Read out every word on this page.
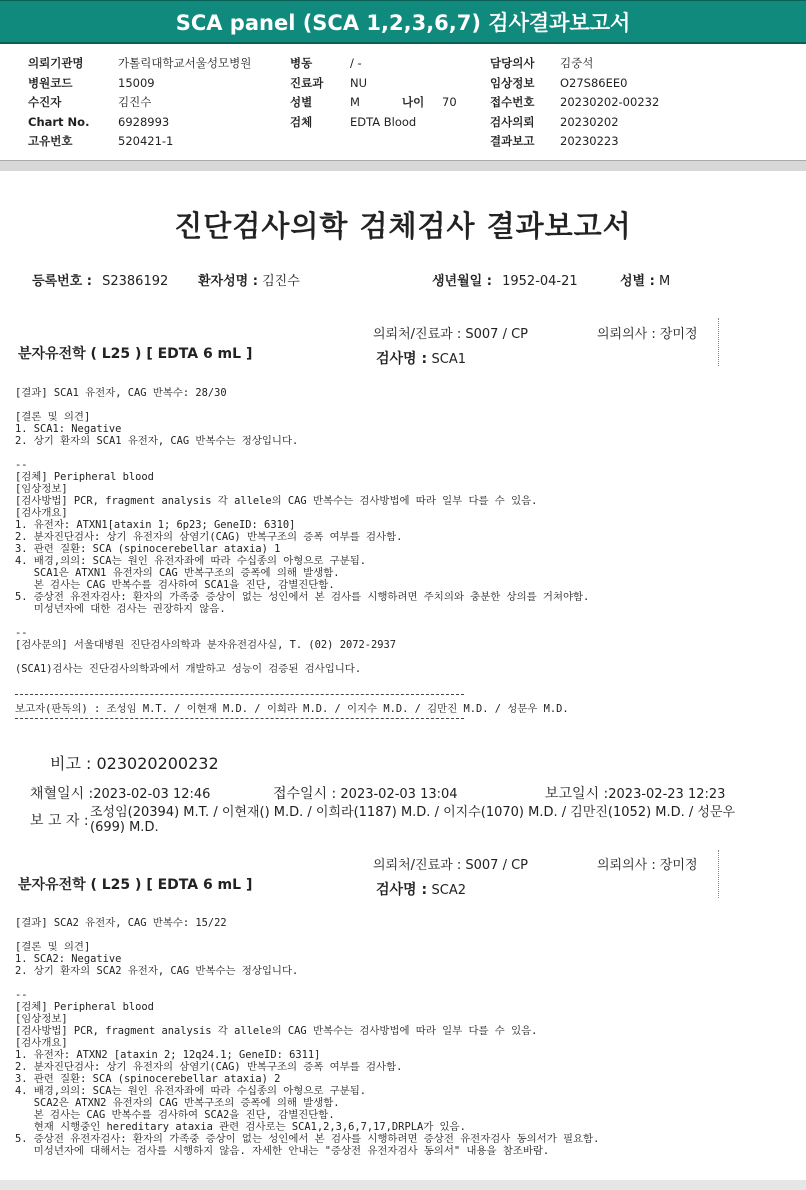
SCA panel (SCA 1,2,3,6,7) 검사결과보고서
의뢰기관명	가톨릭대학교서울성모병원
병원코드	15009
수진자	김진수
Chart No.	6928993
고유번호	520421-1
병동	/ -
진료과	NU
성별	M	나이	70
검체	EDTA Blood
담당의사	김중석
임상정보	O27S86EE0
접수번호	20230202-00232
검사의뢰	20230202
결과보고	20230223
진단검사의학 검체검사 결과보고서
등록번호 : S2386192 환자성명 : 김진수	생년월일 : 1952-04-21	성별 : M
의뢰처/진료과 : S007 / CP	의뢰의사 : 장미정
분자유전학 ( L25 ) [ EDTA 6 mL ]	검사명 : SCA1
[결과] SCA1 유전자, CAG 반복수: 28/30

[결론 및 의견]
1. SCA1: Negative
2. 상기 환자의 SCA1 유전자, CAG 반복수는 정상입니다.

--
[검체] Peripheral blood
[임상정보]
[검사방법] PCR, fragment analysis 각 allele의 CAG 반복수는 검사방법에 따라 일부 다를 수 있음.
[검사개요]
1. 유전자: ATXN1[ataxin 1; 6p23; GeneID: 6310]
2. 분자진단검사: 상기 유전자의 삼염기(CAG) 반복구조의 증폭 여부를 검사함.
3. 관련 질환: SCA (spinocerebellar ataxia) 1
4. 배경,의의: SCA는 원인 유전자좌에 따라 수십종의 아형으로 구분됨.
SCA1은 ATXN1 유전자의 CAG 반복구조의 증폭에 의해 발생함.
본 검사는 CAG 반복수를 검사하여 SCA1을 진단, 감별진단함.
5. 증상전 유전자검사: 환자의 가족중 증상이 없는 성인에서 본 검사를 시행하려면 주치의와 충분한 상의를 거쳐야함.
미성년자에 대한 검사는 권장하지 않음.

--
[검사문의] 서울대병원 진단검사의학과 분자유전검사실, T. (02) 2072-2937

(SCA1)검사는 진단검사의학과에서 개발하고 성능이 검증된 검사입니다.
보고자(판독의) : 조성임 M.T. / 이현재 M.D. / 이희라 M.D. / 이지수 M.D. / 김만진 M.D. / 성문우 M.D.
비고 : 023020200232
채혈일시 :2023-02-03 12:46	접수일시 : 2023-02-03 13:04	보고일시 :2023-02-23 12:23
보 고 자 :
조성임(20394) M.T. / 이현재() M.D. / 이희라(1187) M.D. / 이지수(1070) M.D. / 김만진(1052) M.D. / 성문우
(699) M.D.
의뢰처/진료과 : S007 / CP	의뢰의사 : 장미정
분자유전학 ( L25 ) [ EDTA 6 mL ]	검사명 : SCA2
[결과] SCA2 유전자, CAG 반복수: 15/22

[결론 및 의견]
1. SCA2: Negative
2. 상기 환자의 SCA2 유전자, CAG 반복수는 정상입니다.

--
[검체] Peripheral blood
[임상정보]
[검사방법] PCR, fragment analysis 각 allele의 CAG 반복수는 검사방법에 따라 일부 다를 수 있음.
[검사개요]
1. 유전자: ATXN2 [ataxin 2; 12q24.1; GeneID: 6311]
2. 분자진단검사: 상기 유전자의 삼염기(CAG) 반복구조의 증폭 여부를 검사함.
3. 관련 질환: SCA (spinocerebellar ataxia) 2
4. 배경,의의: SCA는 원인 유전자좌에 따라 수십종의 아형으로 구분됨.
SCA2은 ATXN2 유전자의 CAG 반복구조의 증폭에 의해 발생함.
본 검사는 CAG 반복수를 검사하여 SCA2을 진단, 감별진단함.
현재 시행중인 hereditary ataxia 관련 검사로는 SCA1,2,3,6,7,17,DRPLA가 있음.
5. 증상전 유전자검사: 환자의 가족중 증상이 없는 성인에서 본 검사를 시행하려면 증상전 유전자검사 동의서가 필요함.
미성년자에 대해서는 검사를 시행하지 않음. 자세한 안내는 "증상전 유전자검사 동의서" 내용을 참조바람.
